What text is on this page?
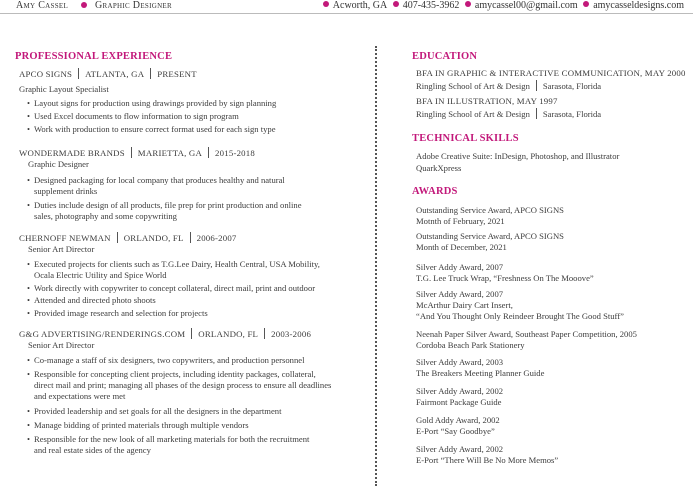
Amy Cassel	Graphic Designer	Acworth, GA 407-435-3962 amycassel00@gmail.com amycasseldesigns.com
PROFESSIONAL EXPERIENCE
APCO SIGNS ATLANTA, GA PRESENT
Graphic Layout Specialist
• Layout signs for production using drawings provided by sign planning
• Used Excel documents to flow information to sign program
• Work with production to ensure correct format used for each sign type
WONDERMADE BRANDS MARIETTA, GA 2015-2018
Graphic Designer
• Designed packaging for local company that produces healthy and natural
supplement drinks
• Duties include design of all products, file prep for print production and online
sales, photography and some copywriting
CHERNOFF NEWMAN ORLANDO, FL 2006-2007
Senior Art Director
• Executed projects for clients such as T.G.Lee Dairy, Health Central, USA Mobility,
Ocala Electric Utility and Spice World
• Work directly with copywriter to concept collateral, direct mail, print and outdoor
• Attended and directed photo shoots
• Provided image research and selection for projects
G&G ADVERTISING/RENDERINGS.COM ORLANDO, FL 2003-2006
Senior Art Director
• Co-manage a staff of six designers, two copywriters, and production personnel
• Responsible for concepting client projects, including identity packages, collateral,
direct mail and print; managing all phases of the design process to ensure all deadlines
and expectations were met
• Provided leadership and set goals for all the designers in the department
• Manage bidding of printed materials through multiple vendors
• Responsible for the new look of all marketing materials for both the recruitment
and real estate sides of the agency
EDUCATION
BFA IN GRAPHIC & INTERACTIVE COMMUNICATION, MAY 2000
Ringling School of Art & Design Sarasota, Florida
BFA IN ILLUSTRATION, MAY 1997
Ringling School of Art & Design Sarasota, Florida
TECHNICAL SKILLS
Adobe Creative Suite: InDesign, Photoshop, and Illustrator
QuarkXpress
AWARDS
Outstanding Service Award, APCO SIGNS
Motnth of February, 2021
Outstanding Service Award, APCO SIGNS
Month of December, 2021
Silver Addy Award, 2007
T.G. Lee Truck Wrap, “Freshness On The Mooove”
Silver Addy Award, 2007
McArthur Dairy Cart Insert,
“And You Thought Only Reindeer Brought The Good Stuff”
Neenah Paper Silver Award, Southeast Paper Competition, 2005
Cordoba Beach Park Stationery
Silver Addy Award, 2003
The Breakers Meeting Planner Guide
Silver Addy Award, 2002
Fairmont Package Guide
Gold Addy Award, 2002
E-Port “Say Goodbye”
Silver Addy Award, 2002
E-Port “There Will Be No More Memos”
